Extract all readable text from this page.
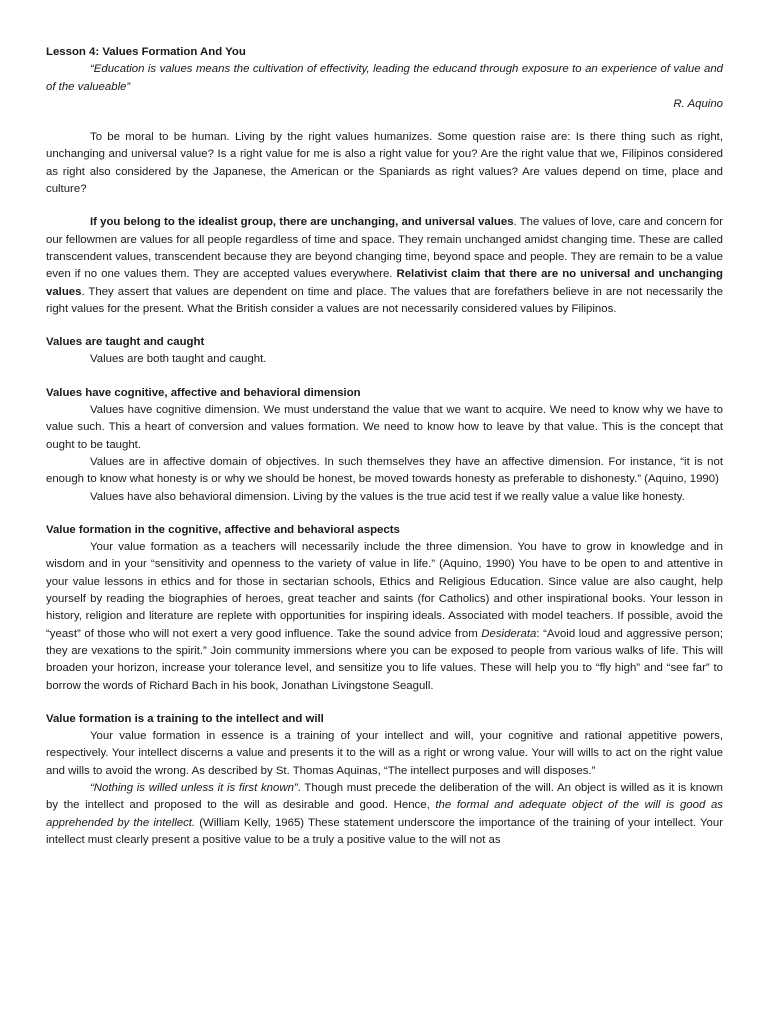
Lesson 4: Values Formation And You

“Education is values means the cultivation of effectivity, leading the educand through exposure to an experience of value and of the valueable”

R. Aquino

To be moral to be human. Living by the right values humanizes. Some question raise are: Is there thing such as right, unchanging and universal value? Is a right value for me is also a right value for you? Are the right value that we, Filipinos considered as right also considered by the Japanese, the American or the Spaniards as right values? Are values depend on time, place and culture?

If you belong to the idealist group, there are unchanging, and universal values. The values of love, care and concern for our fellowmen are values for all people regardless of time and space. They remain unchanged amidst changing time. These are called transcendent values, transcendent because they are beyond changing time, beyond space and people. They are remain to be a value even if no one values them. They are accepted values everywhere. Relativist claim that there are no universal and unchanging values. They assert that values are dependent on time and place. The values that are forefathers believe in are not necessarily the right values for the present. What the British consider a values are not necessarily considered values by Filipinos.

Values are taught and caught

Values are both taught and caught.

Values have cognitive, affective and behavioral dimension

Values have cognitive dimension. We must understand the value that we want to acquire. We need to know why we have to value such. This a heart of conversion and values formation. We need to know how to leave by that value. This is the concept that ought to be taught.

Values are in affective domain of objectives. In such themselves they have an affective dimension. For instance, “it is not enough to know what honesty is or why we should be honest, be moved towards honesty as preferable to dishonesty.” (Aquino, 1990)

Values have also behavioral dimension. Living by the values is the true acid test if we really value a value like honesty.

Value formation in the cognitive, affective and behavioral aspects

Your value formation as a teachers will necessarily include the three dimension. You have to grow in knowledge and in wisdom and in your “sensitivity and openness to the variety of value in life.” (Aquino, 1990) You have to be open to and attentive in your value lessons in ethics and for those in sectarian schools, Ethics and Religious Education. Since value are also caught, help yourself by reading the biographies of heroes, great teacher and saints (for Catholics) and other inspirational books. Your lesson in history, religion and literature are replete with opportunities for inspiring ideals. Associated with model teachers. If possible, avoid the “yeast” of those who will not exert a very good influence. Take the sound advice from Desiderata: “Avoid loud and aggressive person; they are vexations to the spirit.” Join community immersions where you can be exposed to people from various walks of life. This will broaden your horizon, increase your tolerance level, and sensitize you to life values. These will help you to “fly high” and “see far” to borrow the words of Richard Bach in his book, Jonathan Livingstone Seagull.

Value formation is a training to the intellect and will

Your value formation in essence is a training of your intellect and will, your cognitive and rational appetitive powers, respectively. Your intellect discerns a value and presents it to the will as a right or wrong value. Your will wills to act on the right value and wills to avoid the wrong. As described by St. Thomas Aquinas, “The intellect purposes and will disposes.”

“Nothing is willed unless it is first known”. Though must precede the deliberation of the will. An object is willed as it is known by the intellect and proposed to the will as desirable and good. Hence, the formal and adequate object of the will is good as apprehended by the intellect. (William Kelly, 1965) These statement underscore the importance of the training of your intellect. Your intellect must clearly present a positive value to be a truly a positive value to the will not as
